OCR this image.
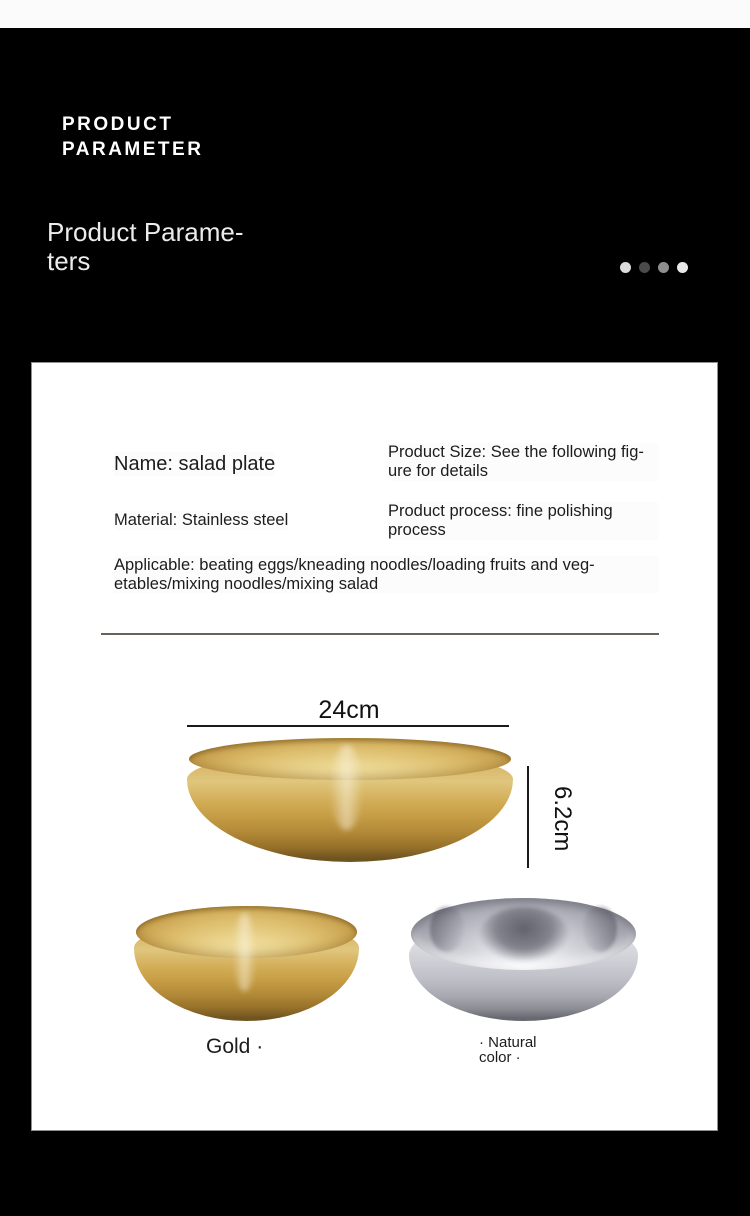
PRODUCT
PARAMETER
Product Parame-
ters
Name: salad plate
Product Size: See the following fig-
ure for details
Material: Stainless steel	Product process: fine polishing
process
Applicable: beating eggs/kneading noodles/loading fruits and veg-
etables/mixing noodles/mixing salad
24cm
6.2cm
Gold ·	· Natural
color ·
